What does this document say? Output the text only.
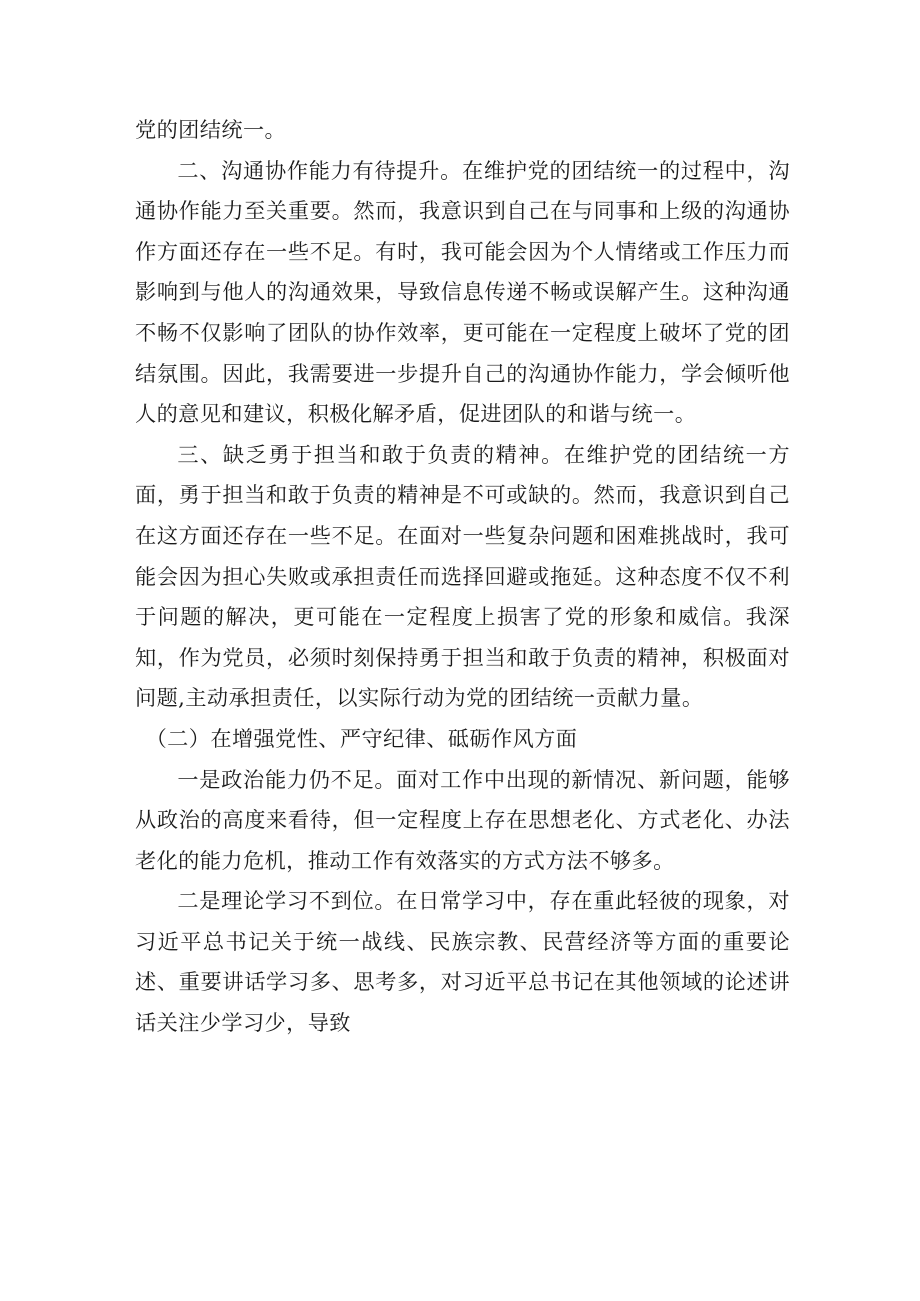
党的团结统一。

二、沟通协作能力有待提升。在维护党的团结统一的过程中，沟通协作能力至关重要。然而，我意识到自己在与同事和上级的沟通协作方面还存在一些不足。有时，我可能会因为个人情绪或工作压力而影响到与他人的沟通效果，导致信息传递不畅或误解产生。这种沟通不畅不仅影响了团队的协作效率，更可能在一定程度上破坏了党的团结氛围。因此，我需要进一步提升自己的沟通协作能力，学会倾听他人的意见和建议，积极化解矛盾，促进团队的和谐与统一。

三、缺乏勇于担当和敢于负责的精神。在维护党的团结统一方面，勇于担当和敢于负责的精神是不可或缺的。然而，我意识到自己在这方面还存在一些不足。在面对一些复杂问题和困难挑战时，我可能会因为担心失败或承担责任而选择回避或拖延。这种态度不仅不利于问题的解决，更可能在一定程度上损害了党的形象和威信。我深知，作为党员，必须时刻保持勇于担当和敢于负责的精神，积极面对问题,主动承担责任，以实际行动为党的团结统一贡献力量。

（二）在增强党性、严守纪律、砥砺作风方面

一是政治能力仍不足。面对工作中出现的新情况、新问题，能够从政治的高度来看待，但一定程度上存在思想老化、方式老化、办法老化的能力危机，推动工作有效落实的方式方法不够多。

二是理论学习不到位。在日常学习中，存在重此轻彼的现象，对习近平总书记关于统一战线、民族宗教、民营经济等方面的重要论述、重要讲话学习多、思考多，对习近平总书记在其他领域的论述讲话关注少学习少，导致
